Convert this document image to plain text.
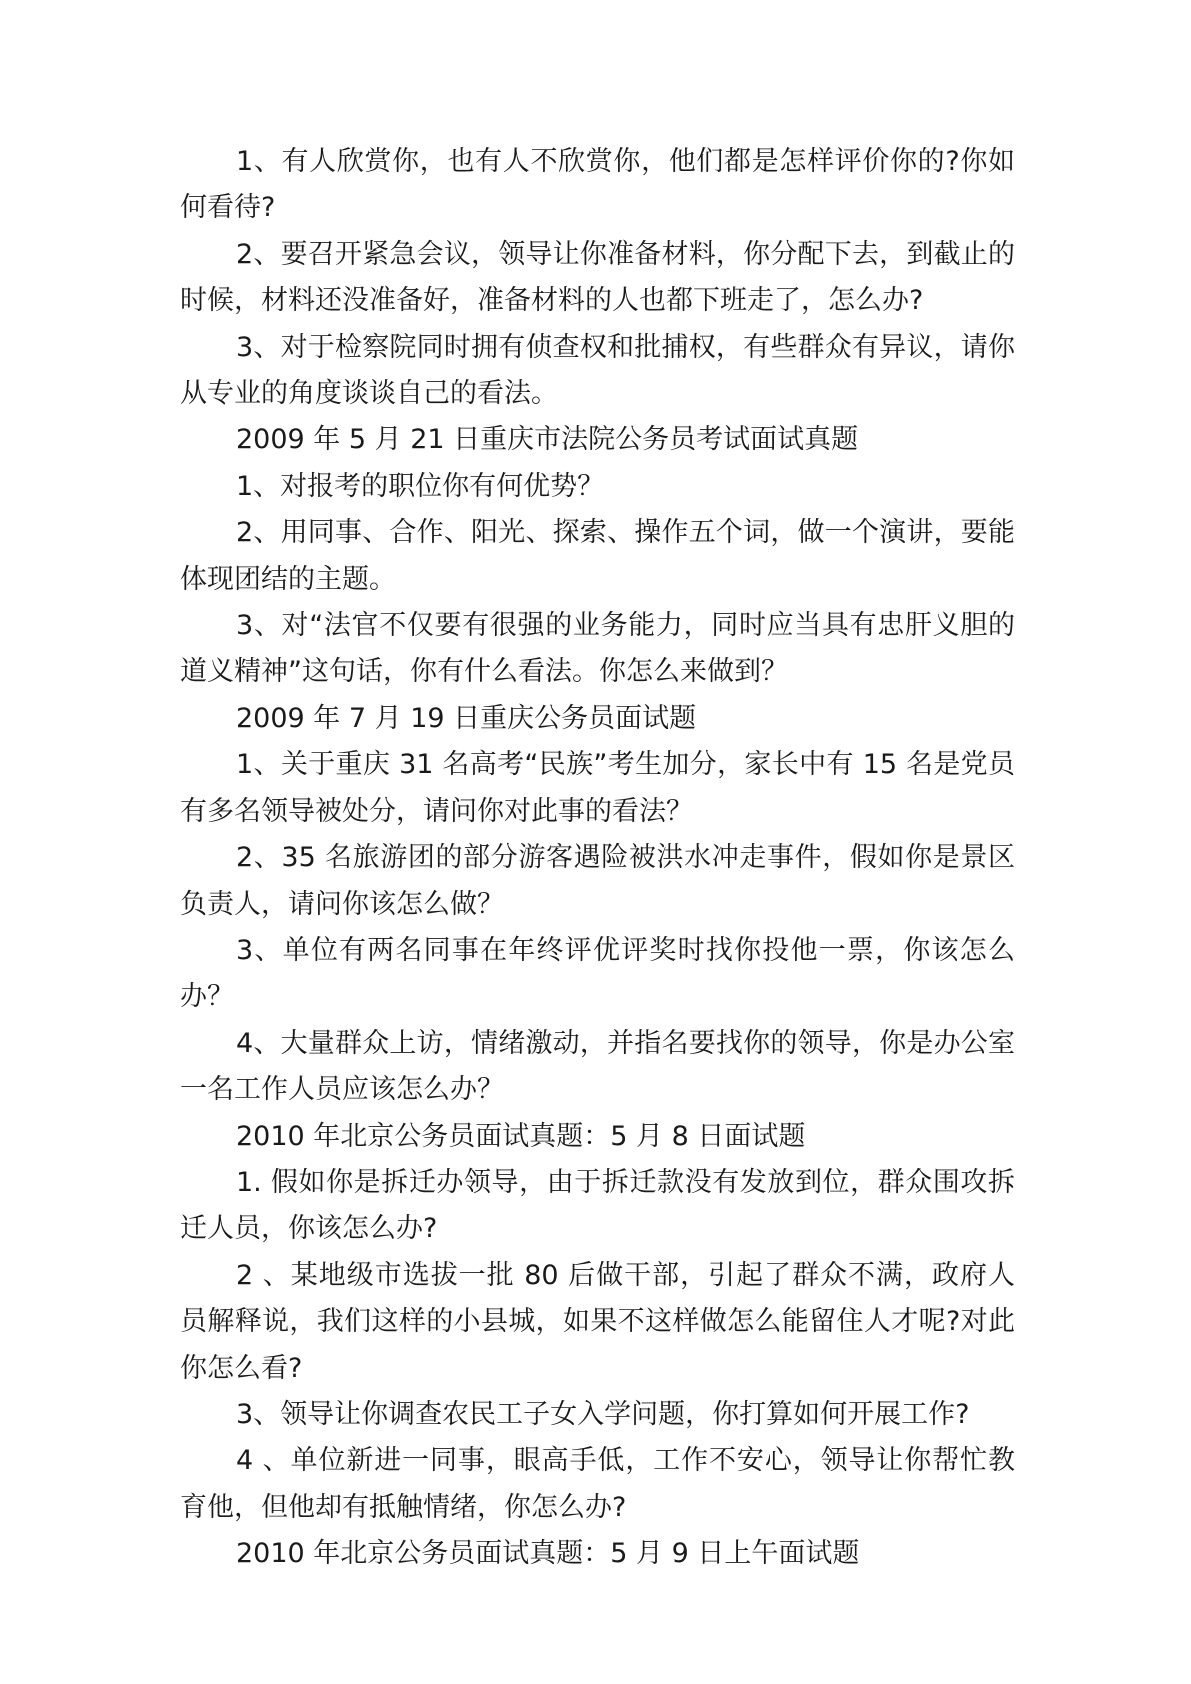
1、有人欣赏你，也有人不欣赏你，他们都是怎样评价你的?你如何看待?

2、要召开紧急会议，领导让你准备材料，你分配下去，到截止的时候，材料还没准备好，准备材料的人也都下班走了，怎么办?

3、对于检察院同时拥有侦查权和批捕权，有些群众有异议，请你从专业的角度谈谈自己的看法。

2009 年 5 月 21 日重庆市法院公务员考试面试真题

1、对报考的职位你有何优势？

2、用同事、合作、阳光、探索、操作五个词，做一个演讲，要能体现团结的主题。

3、对“法官不仅要有很强的业务能力，同时应当具有忠肝义胆的道义精神”这句话，你有什么看法。你怎么来做到？

2009 年 7 月 19 日重庆公务员面试题

1、关于重庆 31 名高考“民族”考生加分，家长中有 15 名是党员有多名领导被处分，请问你对此事的看法？

2、35 名旅游团的部分游客遇险被洪水冲走事件，假如你是景区负责人，请问你该怎么做？

3、单位有两名同事在年终评优评奖时找你投他一票，你该怎么办？

4、大量群众上访，情绪激动，并指名要找你的领导，你是办公室一名工作人员应该怎么办？

2010 年北京公务员面试真题：5 月 8 日面试题

1. 假如你是拆迁办领导，由于拆迁款没有发放到位，群众围攻拆迁人员，你该怎么办?

2 、某地级市选拔一批 80 后做干部，引起了群众不满，政府人员解释说，我们这样的小县城，如果不这样做怎么能留住人才呢?对此你怎么看?

3、领导让你调查农民工子女入学问题，你打算如何开展工作?

4 、单位新进一同事，眼高手低，工作不安心，领导让你帮忙教育他，但他却有抵触情绪，你怎么办?

2010 年北京公务员面试真题：5 月 9 日上午面试题
